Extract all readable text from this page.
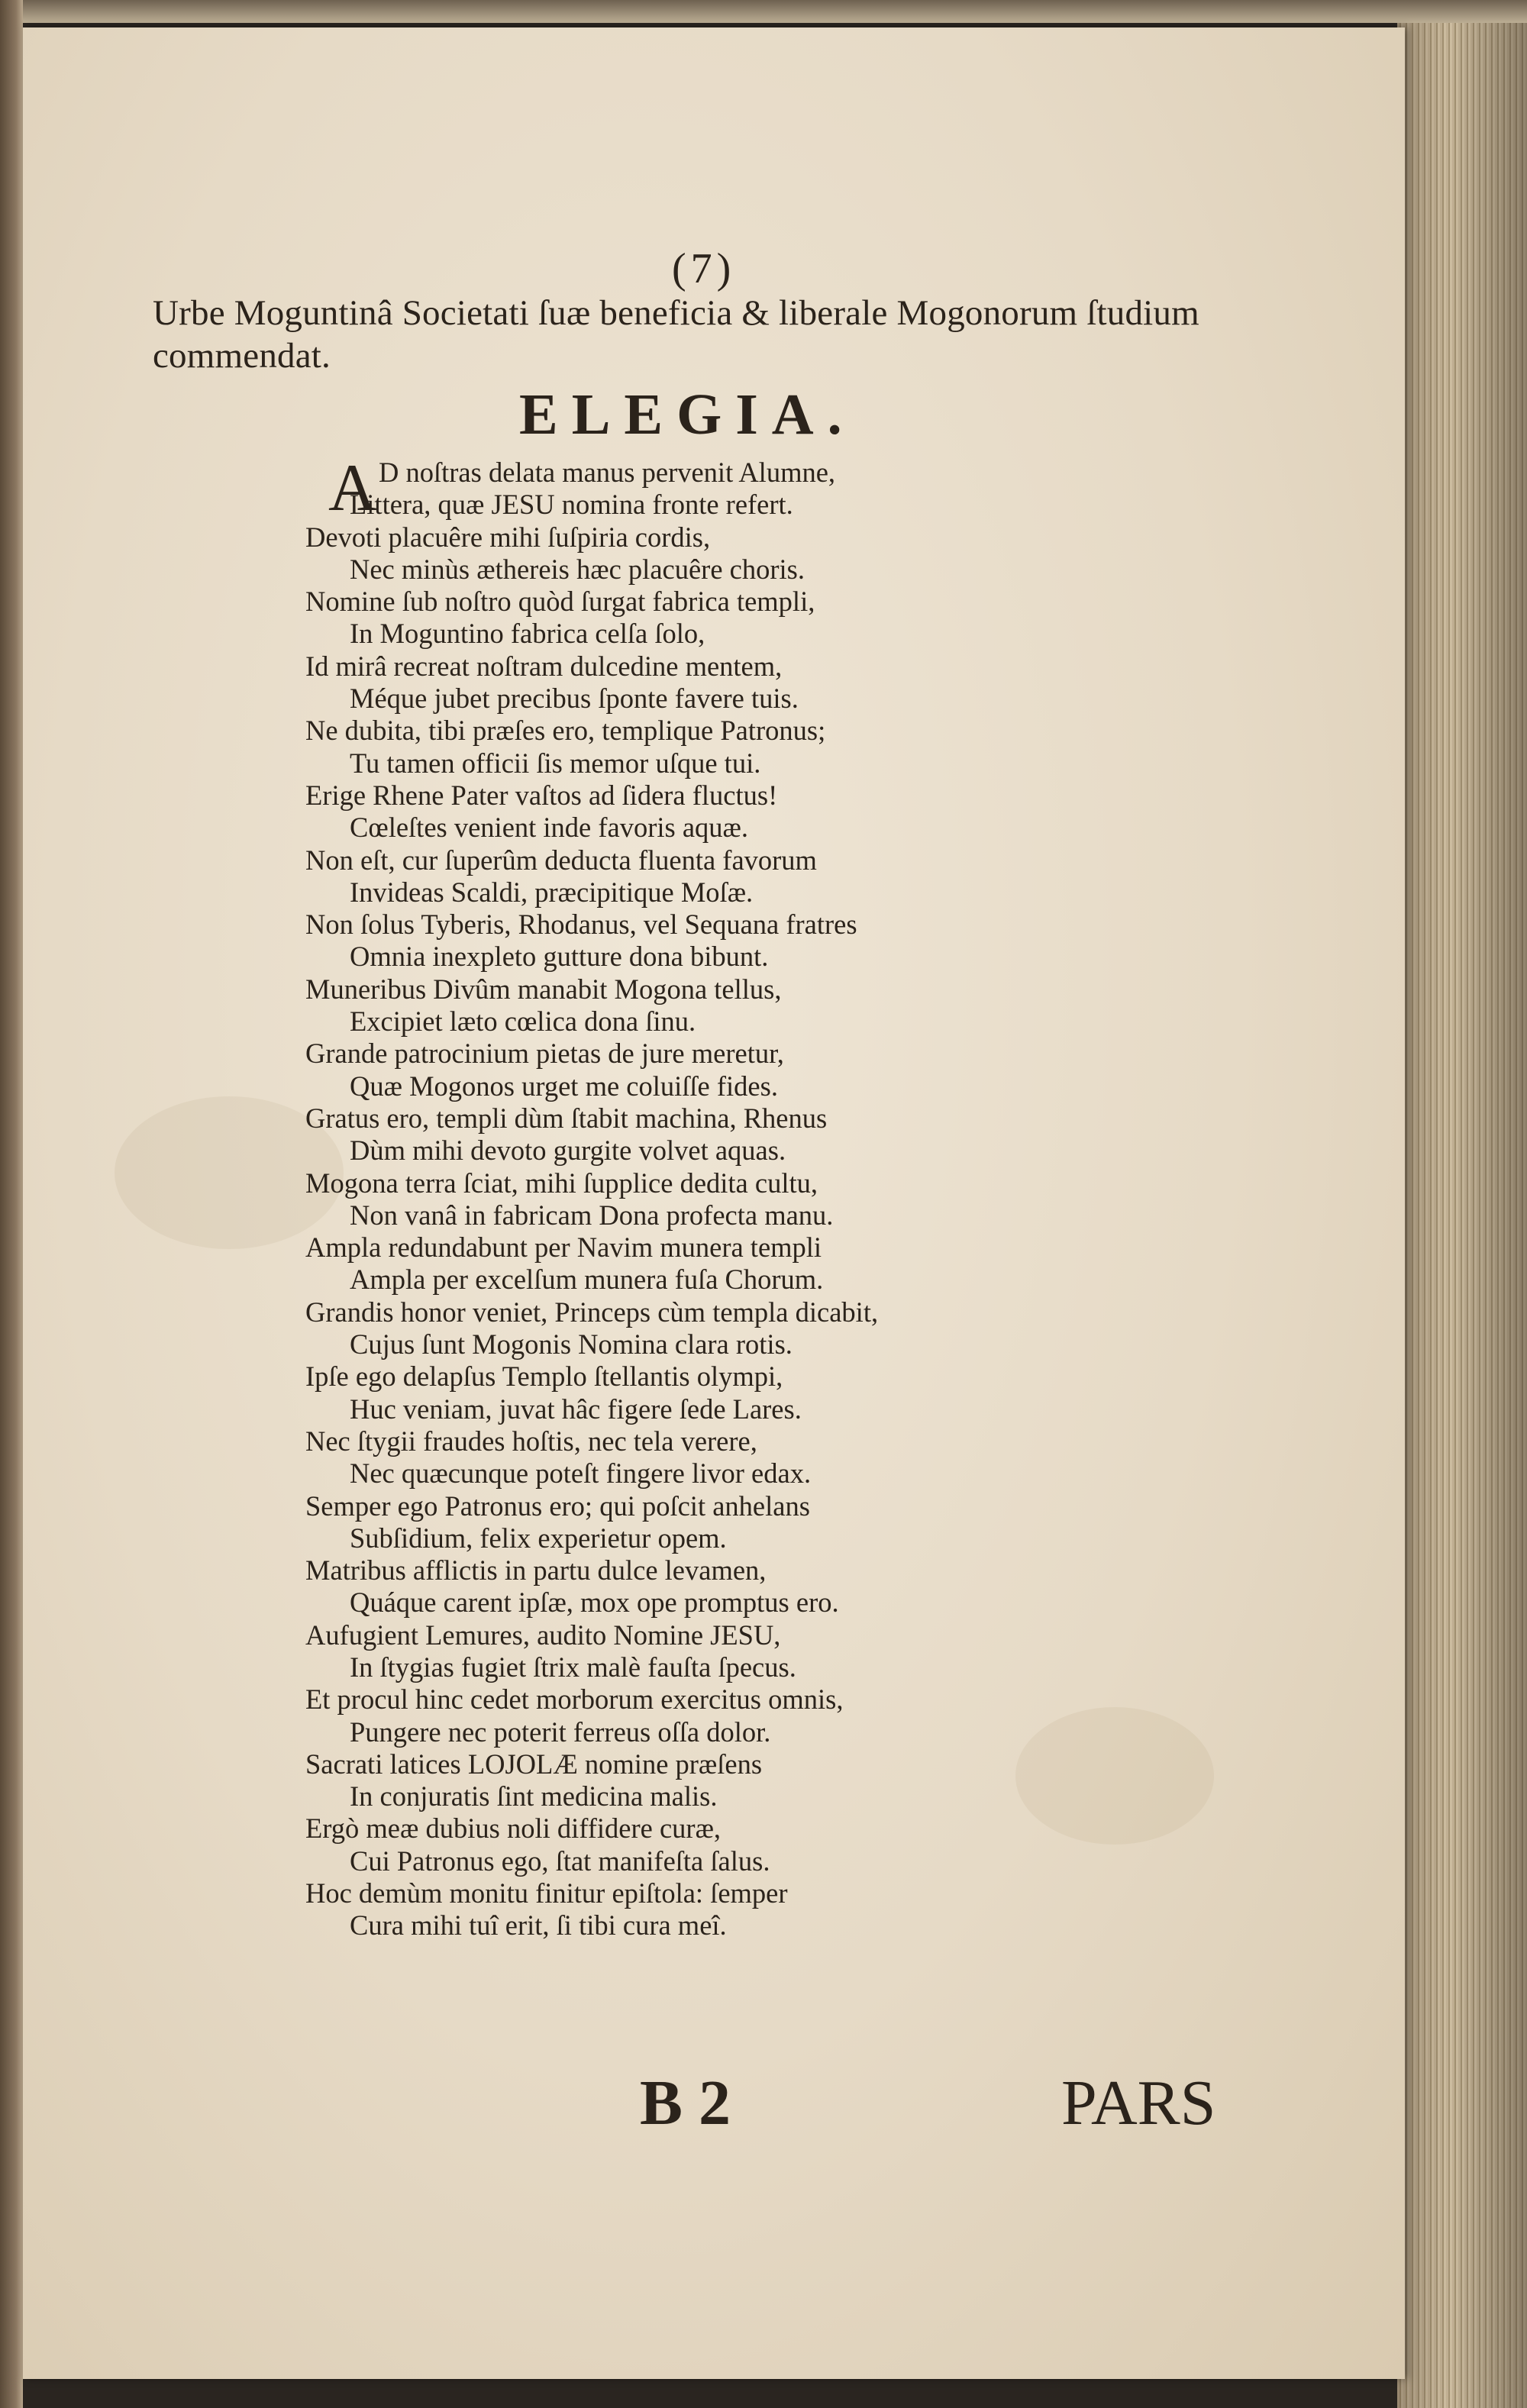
(7)
Urbe Moguntinâ Societati ſuæ beneficia & liberale Mogonorum ſtudium commendat.
ELEGIA.
A D noſtras delata manus pervenit Alumne,
Littera, quæ JESU nomina fronte refert.
Devoti placuêre mihi ſuſpiria cordis,
Nec minùs æthereis hæc placuêre choris.
Nomine ſub noſtro quòd ſurgat fabrica templi,
In Moguntino fabrica celſa ſolo,
Id mirâ recreat noſtram dulcedine mentem,
Méque jubet precibus ſponte favere tuis.
Ne dubita, tibi præſes ero, templique Patronus;
Tu tamen officii ſis memor uſque tui.
Erige Rhene Pater vaſtos ad ſidera fluctus!
Cœleſtes venient inde favoris aquæ.
Non eſt, cur ſuperûm deducta fluenta favorum
Invideas Scaldi, præcipitique Moſæ.
Non ſolus Tyberis, Rhodanus, vel Sequana fratres
Omnia inexpleto gutture dona bibunt.
Muneribus Divûm manabit Mogona tellus,
Excipiet læto cœlica dona ſinu.
Grande patrocinium pietas de jure meretur,
Quæ Mogonos urget me coluiſſe fides.
Gratus ero, templi dùm ſtabit machina, Rhenus
Dùm mihi devoto gurgite volvet aquas.
Mogona terra ſciat, mihi ſupplice dedita cultu,
Non vanâ in fabricam Dona profecta manu.
Ampla redundabunt per Navim munera templi
Ampla per excelſum munera fuſa Chorum.
Grandis honor veniet, Princeps cùm templa dicabit,
Cujus ſunt Mogonis Nomina clara rotis.
Ipſe ego delapſus Templo ſtellantis olympi,
Huc veniam, juvat hâc figere ſede Lares.
Nec ſtygii fraudes hoſtis, nec tela verere,
Nec quæcunque poteſt fingere livor edax.
Semper ego Patronus ero; qui poſcit anhelans
Subſidium, felix experietur opem.
Matribus afflictis in partu dulce levamen,
Quáque carent ipſæ, mox ope promptus ero.
Aufugient Lemures, audito Nomine JESU,
In ſtygias fugiet ſtrix malè fauſta ſpecus.
Et procul hinc cedet morborum exercitus omnis,
Pungere nec poterit ferreus oſſa dolor.
Sacrati latices LOJOLÆ nomine præſens
In conjuratis ſint medicina malis.
Ergò meæ dubius noli diffidere curæ,
Cui Patronus ego, ſtat manifeſta ſalus.
Hoc demùm monitu finitur epiſtola: ſemper
Cura mihi tuî erit, ſi tibi cura meî.
B 2	PARS
